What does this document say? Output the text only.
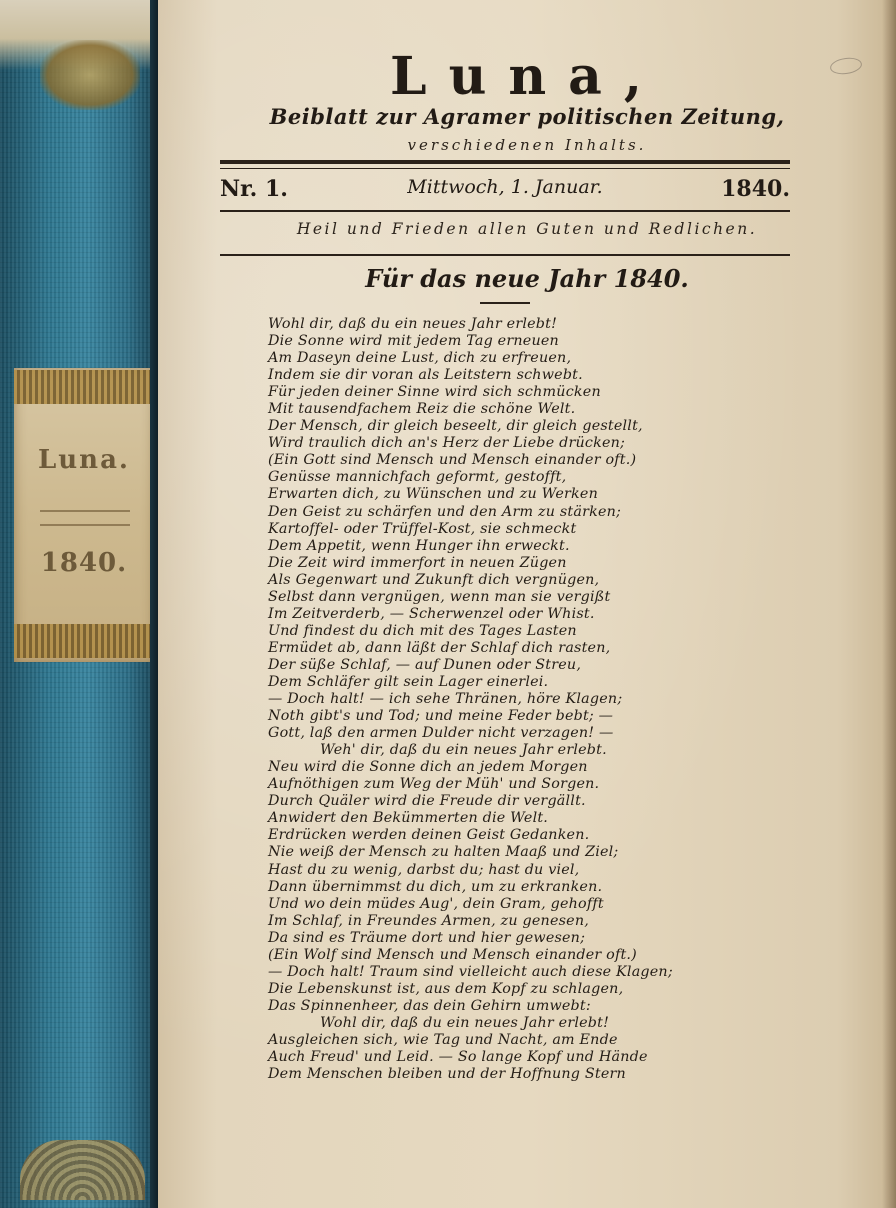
Luna.
1840.
Luna,
Beiblatt zur Agramer politischen Zeitung,
verschiedenen Inhalts.
Mittwoch, 1. Januar.
Nr. 1.	1840.
Heil und Frieden allen Guten und Redlichen.
Für das neue Jahr 1840.
Wohl dir, daß du ein neues Jahr erlebt!
Die Sonne wird mit jedem Tag erneuen
Am Daseyn deine Lust, dich zu erfreuen,
Indem sie dir voran als Leitstern schwebt.
Für jeden deiner Sinne wird sich schmücken
Mit tausendfachem Reiz die schöne Welt.
Der Mensch, dir gleich beseelt, dir gleich gestellt,
Wird traulich dich an's Herz der Liebe drücken;
(Ein Gott sind Mensch und Mensch einander oft.)
Genüsse mannichfach geformt, gestofft,
Erwarten dich, zu Wünschen und zu Werken
Den Geist zu schärfen und den Arm zu stärken;
Kartoffel- oder Trüffel-Kost, sie schmeckt
Dem Appetit, wenn Hunger ihn erweckt.
Die Zeit wird immerfort in neuen Zügen
Als Gegenwart und Zukunft dich vergnügen,
Selbst dann vergnügen, wenn man sie vergißt
Im Zeitverderb, — Scherwenzel oder Whist.
Und findest du dich mit des Tages Lasten
Ermüdet ab, dann läßt der Schlaf dich rasten,
Der süße Schlaf, — auf Dunen oder Streu,
Dem Schläfer gilt sein Lager einerlei.
— Doch halt! — ich sehe Thränen, höre Klagen;
Noth gibt's und Tod; und meine Feder bebt; —
Gott, laß den armen Dulder nicht verzagen! —
Weh' dir, daß du ein neues Jahr erlebt.
Neu wird die Sonne dich an jedem Morgen
Aufnöthigen zum Weg der Müh' und Sorgen.
Durch Quäler wird die Freude dir vergällt.
Anwidert den Bekümmerten die Welt.
Erdrücken werden deinen Geist Gedanken.
Nie weiß der Mensch zu halten Maaß und Ziel;
Hast du zu wenig, darbst du; hast du viel,
Dann übernimmst du dich, um zu erkranken.
Und wo dein müdes Aug', dein Gram, gehofft
Im Schlaf, in Freundes Armen, zu genesen,
Da sind es Träume dort und hier gewesen;
(Ein Wolf sind Mensch und Mensch einander oft.)
— Doch halt! Traum sind vielleicht auch diese Klagen;
Die Lebenskunst ist, aus dem Kopf zu schlagen,
Das Spinnenheer, das dein Gehirn umwebt:
Wohl dir, daß du ein neues Jahr erlebt!
Ausgleichen sich, wie Tag und Nacht, am Ende
Auch Freud' und Leid. — So lange Kopf und Hände
Dem Menschen bleiben und der Hoffnung Stern
